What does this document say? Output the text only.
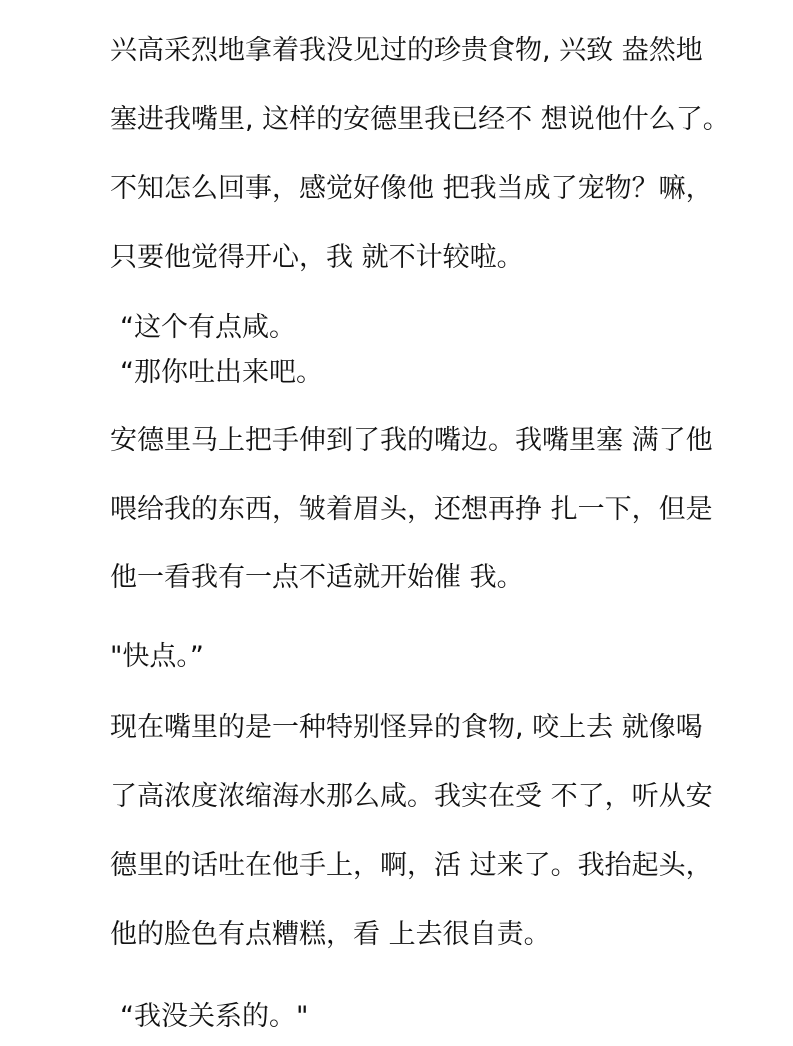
兴高采烈地拿着我没见过的珍贵食物, 兴致 盎然地
塞进我嘴里, 这样的安德里我已经不 想说他什么了。
不知怎么回事，感觉好像他 把我当成了宠物？嘛，
只要他觉得开心，我 就不计较啦。
“这个有点咸。
“那你吐出来吧。
安德里马上把手伸到了我的嘴边。我嘴里塞 满了他
喂给我的东西，皱着眉头，还想再挣 扎一下，但是
他一看我有一点不适就开始催 我。
"快点。”
现在嘴里的是一种特别怪异的食物, 咬上去 就像喝
了高浓度浓缩海水那么咸。我实在受 不了，听从安
德里的话吐在他手上，啊，活 过来了。我抬起头，
他的脸色有点糟糕，看 上去很自责。
“我没关系的。"
